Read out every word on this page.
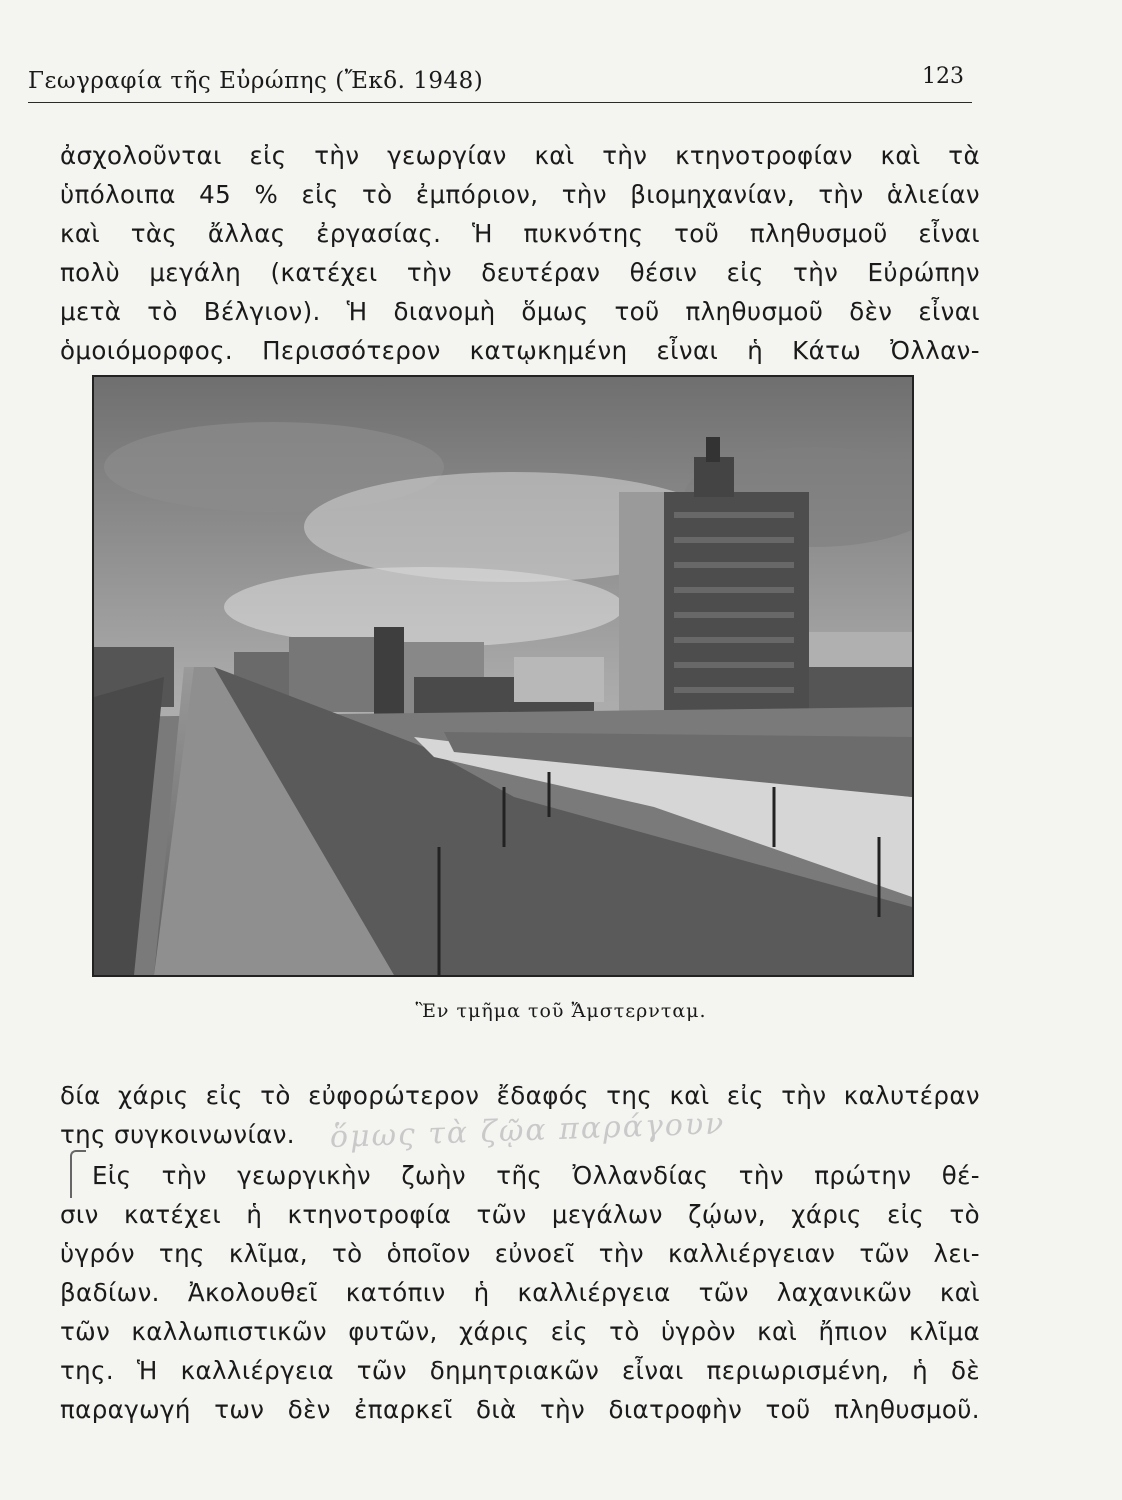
Γεωγραφία τῆς Εὐρώπης (Ἔκδ. 1948)	123
ἀσχολοῦνται εἰς τὴν γεωργίαν καὶ τὴν κτηνοτροφίαν καὶ τὰ
ὑπόλοιπα 45 % εἰς τὸ ἐμπόριον, τὴν βιομηχανίαν, τὴν ἁλιείαν
καὶ τὰς ἄλλας ἐργασίας. Ἡ πυκνότης τοῦ πληθυσμοῦ εἶναι
πολὺ μεγάλη (κατέχει τὴν δευτέραν θέσιν εἰς τὴν Εὐρώπην
μετὰ τὸ Βέλγιον). Ἡ διανομὴ ὅμως τοῦ πληθυσμοῦ δὲν εἶναι
ὁμοιόμορφος. Περισσότερον κατῳκημένη εἶναι ἡ Κάτω Ὀλλαν-
Ἓν τμῆμα τοῦ Ἄμστερνταμ.
δία χάρις εἰς τὸ εὐφορώτερον ἔδαφός της καὶ εἰς τὴν καλυτέραν
της συγκοινωνίαν.	ὅμως τὰ ζῷα παράγουν
Εἰς τὴν γεωργικὴν ζωὴν τῆς Ὀλλανδίας τὴν πρώτην θέ-
σιν κατέχει ἡ κτηνοτροφία τῶν μεγάλων ζῴων, χάρις εἰς τὸ
ὑγρόν της κλῖμα, τὸ ὁποῖον εὐνοεῖ τὴν καλλιέργειαν τῶν λει-
βαδίων. Ἀκολουθεῖ κατόπιν ἡ καλλιέργεια τῶν λαχανικῶν καὶ
τῶν καλλωπιστικῶν φυτῶν, χάρις εἰς τὸ ὑγρὸν καὶ ἤπιον κλῖμα
της. Ἡ καλλιέργεια τῶν δημητριακῶν εἶναι περιωρισμένη, ἡ δὲ
παραγωγή των δὲν ἐπαρκεῖ διὰ τὴν διατροφὴν τοῦ πληθυσμοῦ.
